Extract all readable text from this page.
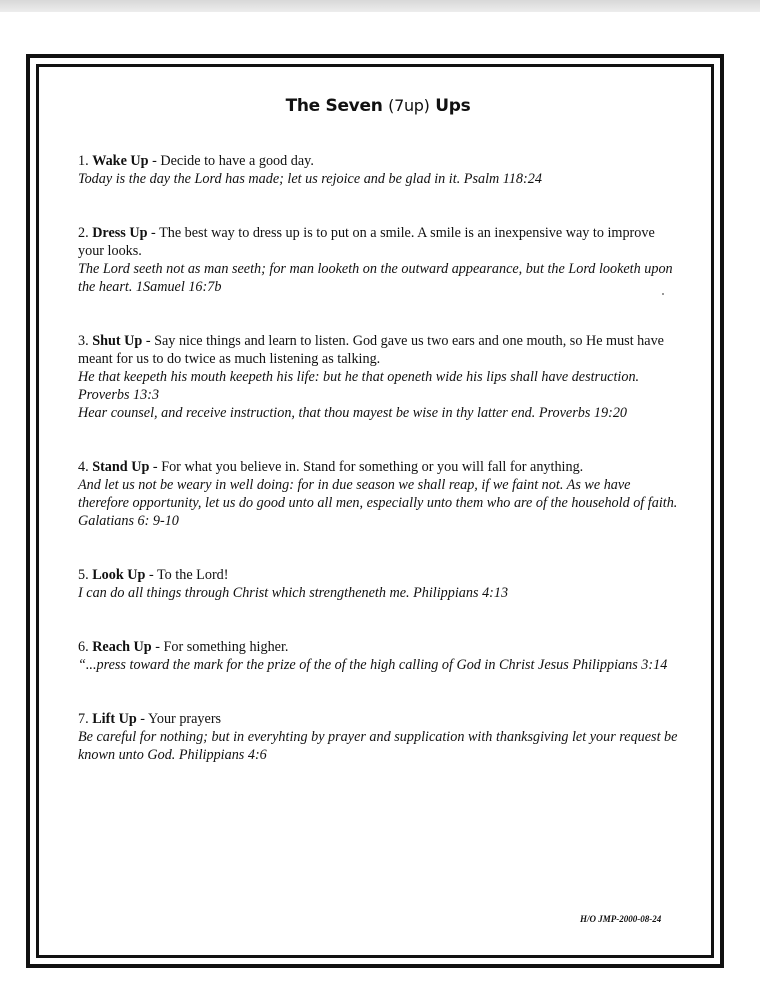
The Seven (7up) Ups

1. Wake Up - Decide to have a good day.

Today is the day the Lord has made; let us rejoice and be glad in it. Psalm 118:24

2. Dress Up - The best way to dress up is to put on a smile. A smile is an inexpensive way to improve your looks.

The Lord seeth not as man seeth; for man looketh on the outward appearance, but the Lord looketh upon the heart. 1Samuel 16:7b

3. Shut Up - Say nice things and learn to listen. God gave us two ears and one mouth, so He must have meant for us to do twice as much listening as talking.

He that keepeth his mouth keepeth his life: but he that openeth wide his lips shall have destruction. Proverbs 13:3

Hear counsel, and receive instruction, that thou mayest be wise in thy latter end. Proverbs 19:20

4. Stand Up - For what you believe in. Stand for something or you will fall for anything.

And let us not be weary in well doing: for in due season we shall reap, if we faint not. As we have therefore opportunity, let us do good unto all men, especially unto them who are of the household of faith. Galatians 6: 9-10

5. Look Up - To the Lord!

I can do all things through Christ which strengtheneth me. Philippians 4:13

6. Reach Up - For something higher.

“...press toward the mark for the prize of the of the high calling of God in Christ Jesus Philippians 3:14

7. Lift Up - Your prayers

Be careful for nothing; but in everyhting by prayer and supplication with thanksgiving let your request be known unto God. Philippians 4:6

H/O JMP-2000-08-24
